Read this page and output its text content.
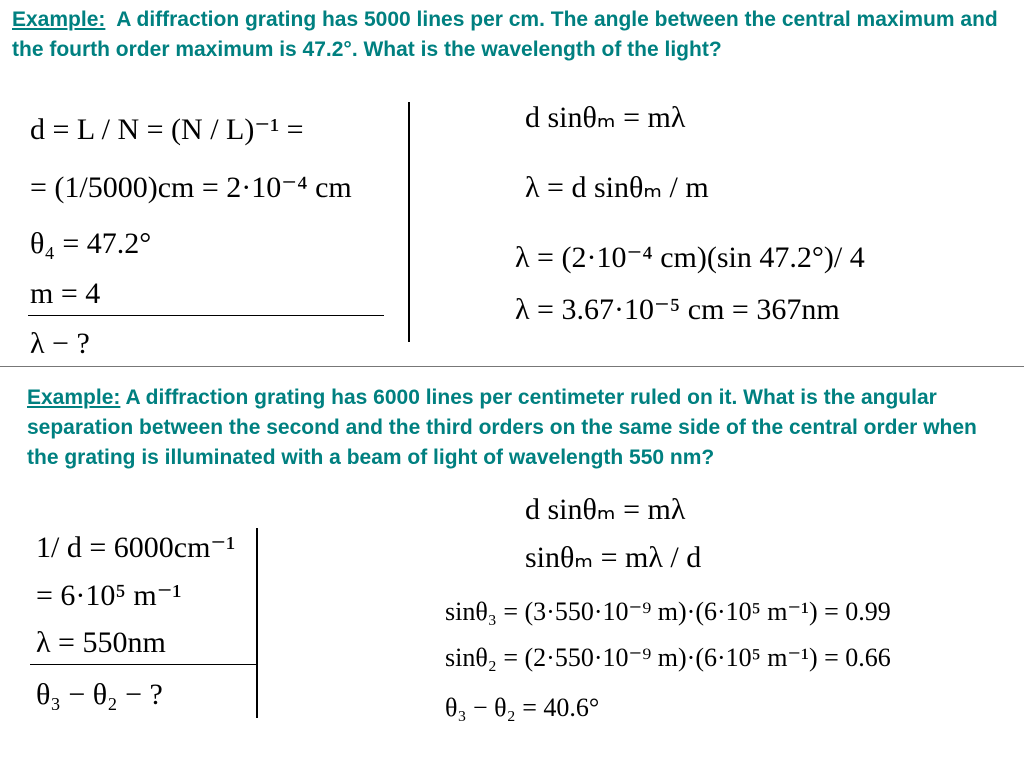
Example: A diffraction grating has 5000 lines per cm. The angle between the central maximum and the fourth order maximum is 47.2°. What is the wavelength of the light?
d = L / N = (N / L)⁻¹ =
= (1/5000)cm = 2·10⁻⁴ cm
θ₄ = 47.2°
m = 4
λ − ?
d sinθₘ = mλ
λ = d sinθₘ / m
λ = (2·10⁻⁴ cm)(sin 47.2°)/ 4
λ = 3.67·10⁻⁵ cm = 367nm
Example: A diffraction grating has 6000 lines per centimeter ruled on it. What is the angular separation between the second and the third orders on the same side of the central order when the grating is illuminated with a beam of light of wavelength 550 nm?
1/ d = 6000cm⁻¹
= 6·10⁵ m⁻¹
λ = 550nm
θ₃ − θ₂ − ?
d sinθₘ = mλ
sinθₘ = mλ / d
sinθ₃ = (3·550·10⁻⁹ m)·(6·10⁵ m⁻¹) = 0.99
sinθ₂ = (2·550·10⁻⁹ m)·(6·10⁵ m⁻¹) = 0.66
θ₃ − θ₂ = 40.6°
